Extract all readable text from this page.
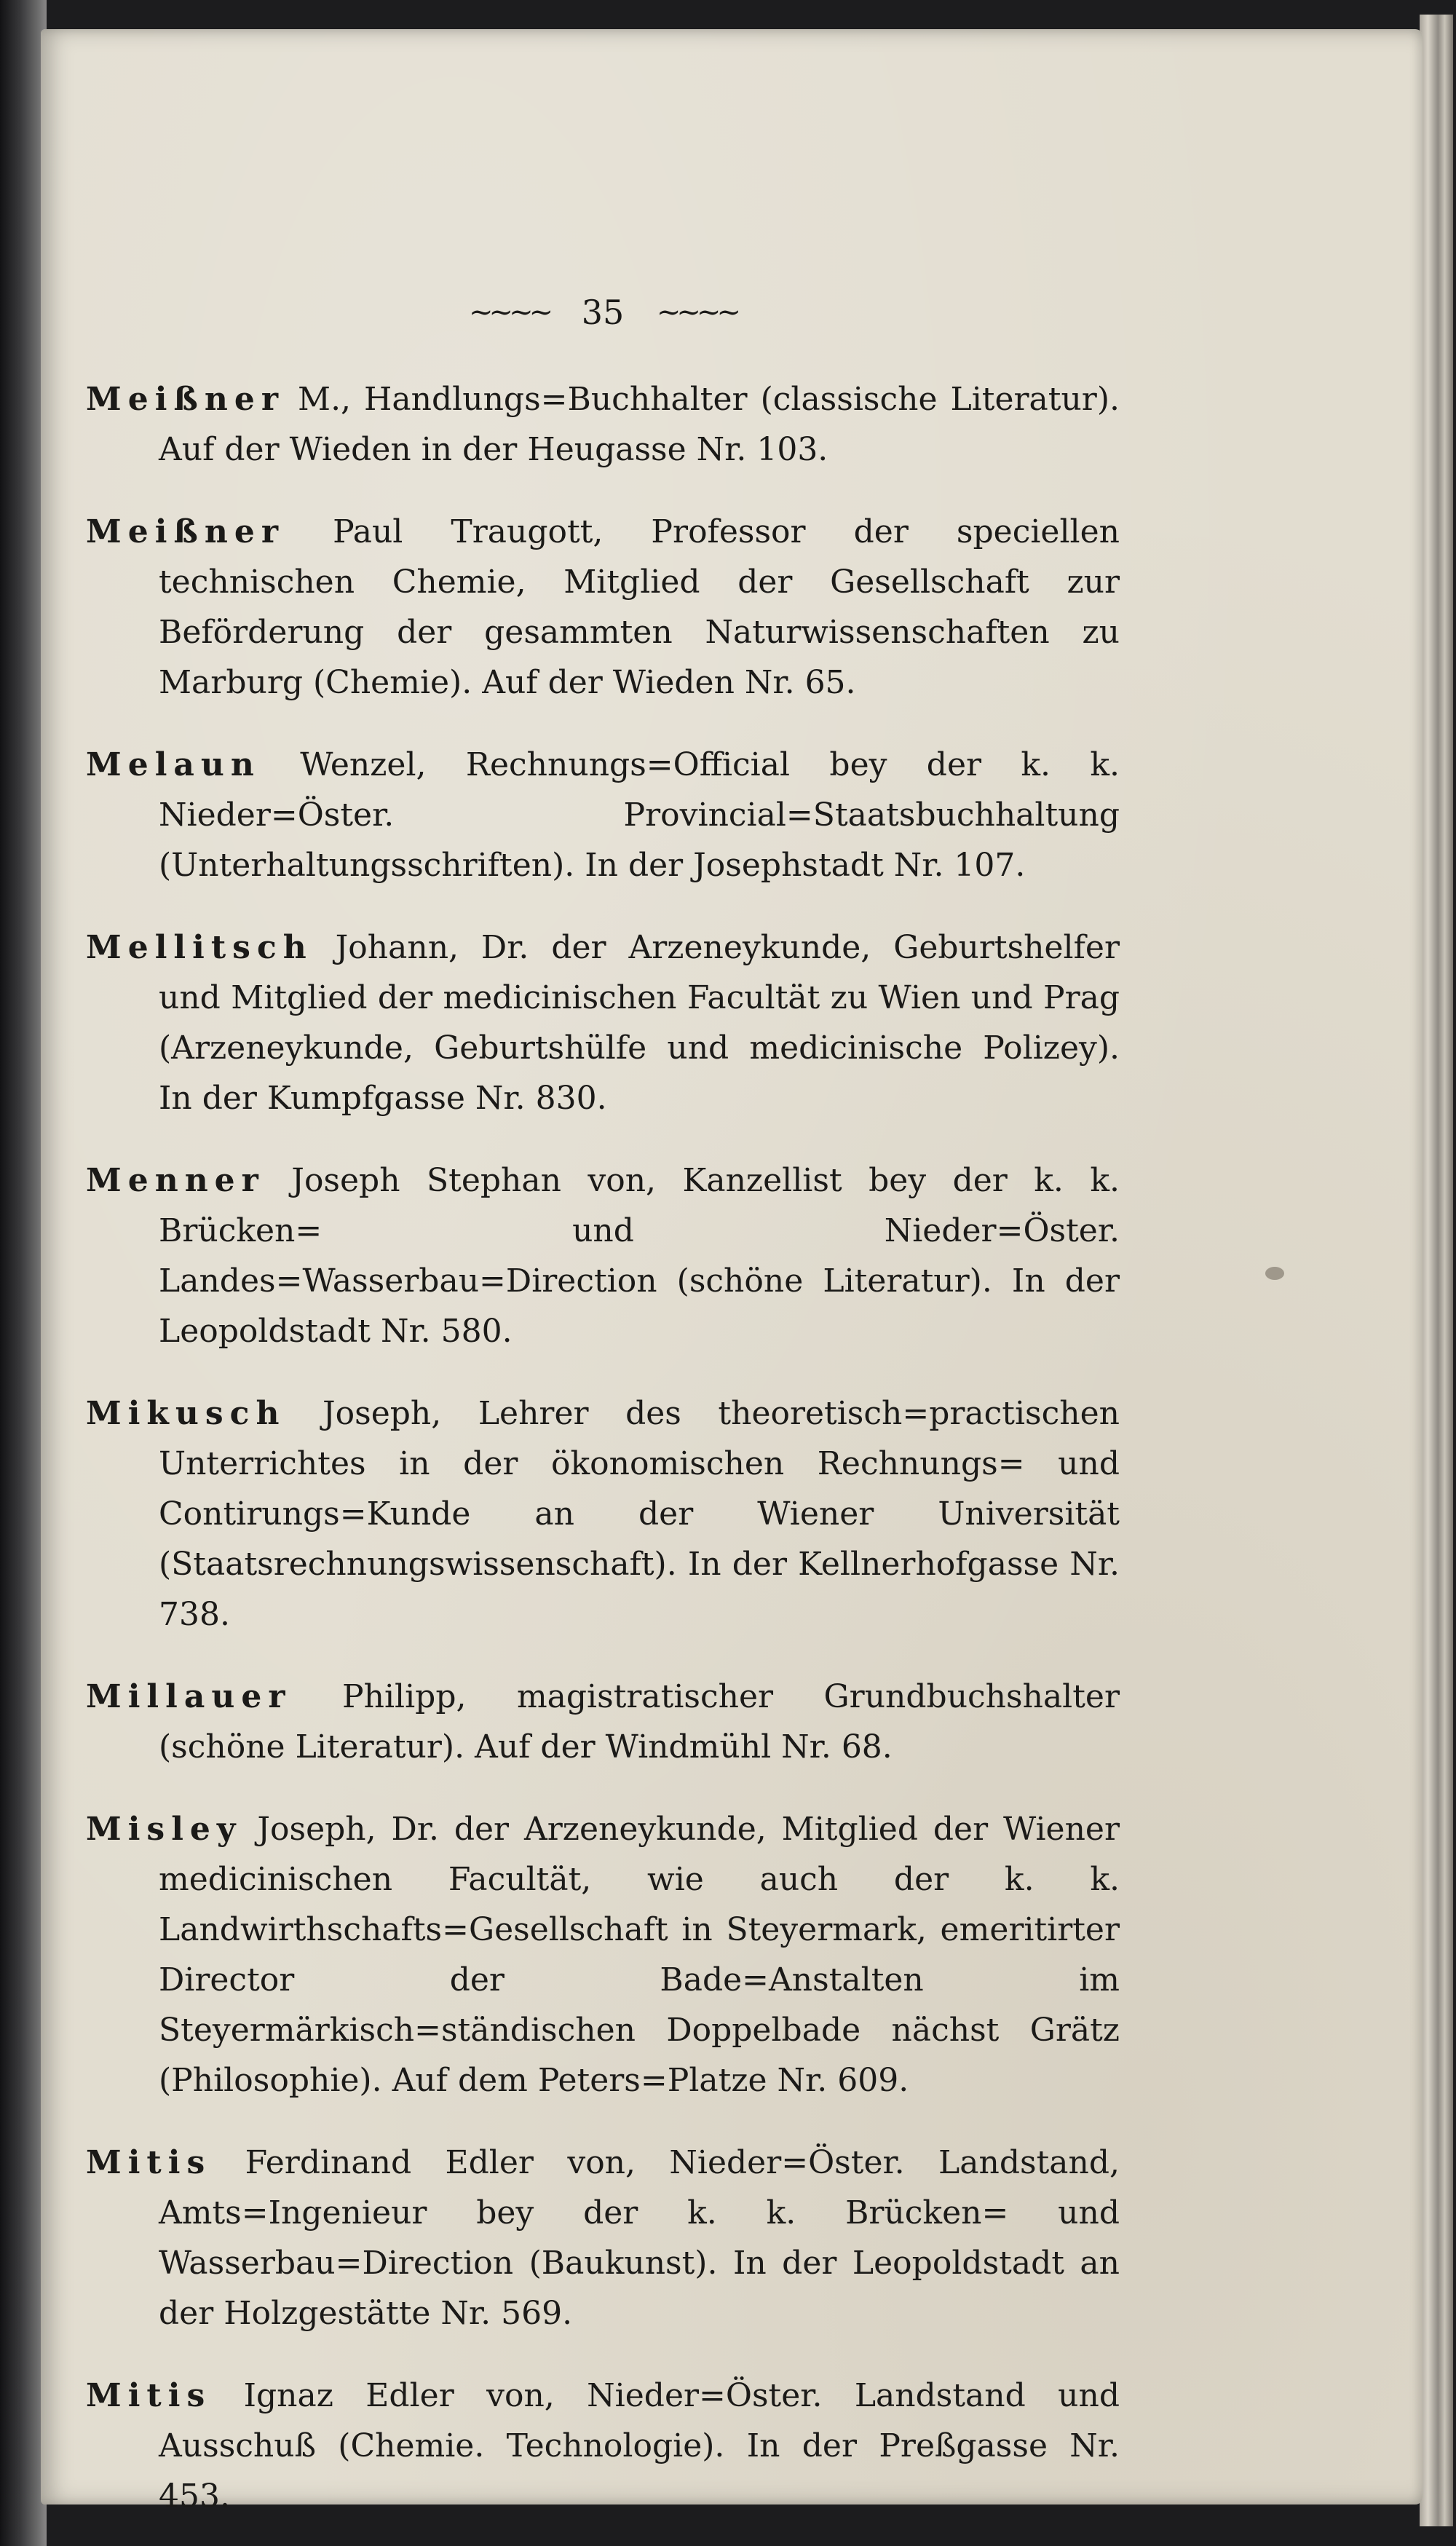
~~~~ 35 ~~~~

Meißner M., Handlungs=Buchhalter (classische Literatur). Auf der Wieden in der Heugasse Nr. 103.

Meißner Paul Traugott, Professor der speciellen technischen Chemie, Mitglied der Gesellschaft zur Beförderung der gesammten Naturwissenschaften zu Marburg (Chemie). Auf der Wieden Nr. 65.

Melaun Wenzel, Rechnungs=Official bey der k. k. Nieder=Öster. Provincial=Staatsbuchhaltung (Unterhaltungsschriften). In der Josephstadt Nr. 107.

Mellitsch Johann, Dr. der Arzeneykunde, Geburtshelfer und Mitglied der medicinischen Facultät zu Wien und Prag (Arzeneykunde, Geburtshülfe und medicinische Polizey). In der Kumpfgasse Nr. 830.

Menner Joseph Stephan von, Kanzellist bey der k. k. Brücken= und Nieder=Öster. Landes=Wasserbau=Direction (schöne Literatur). In der Leopoldstadt Nr. 580.

Mikusch Joseph, Lehrer des theoretisch=practischen Unterrichtes in der ökonomischen Rechnungs= und Contirungs=Kunde an der Wiener Universität (Staatsrechnungswissenschaft). In der Kellnerhofgasse Nr. 738.

Millauer Philipp, magistratischer Grundbuchshalter (schöne Literatur). Auf der Windmühl Nr. 68.

Misley Joseph, Dr. der Arzeneykunde, Mitglied der Wiener medicinischen Facultät, wie auch der k. k. Landwirthschafts=Gesellschaft in Steyermark, emeritirter Director der Bade=Anstalten im Steyermärkisch=ständischen Doppelbade nächst Grätz (Philosophie). Auf dem Peters=Platze Nr. 609.

Mitis Ferdinand Edler von, Nieder=Öster. Landstand, Amts=Ingenieur bey der k. k. Brücken= und Wasserbau=Direction (Baukunst). In der Leopoldstadt an der Holzgestätte Nr. 569.

Mitis Ignaz Edler von, Nieder=Öster. Landstand und Ausschuß (Chemie. Technologie). In der Preßgasse Nr. 453.
